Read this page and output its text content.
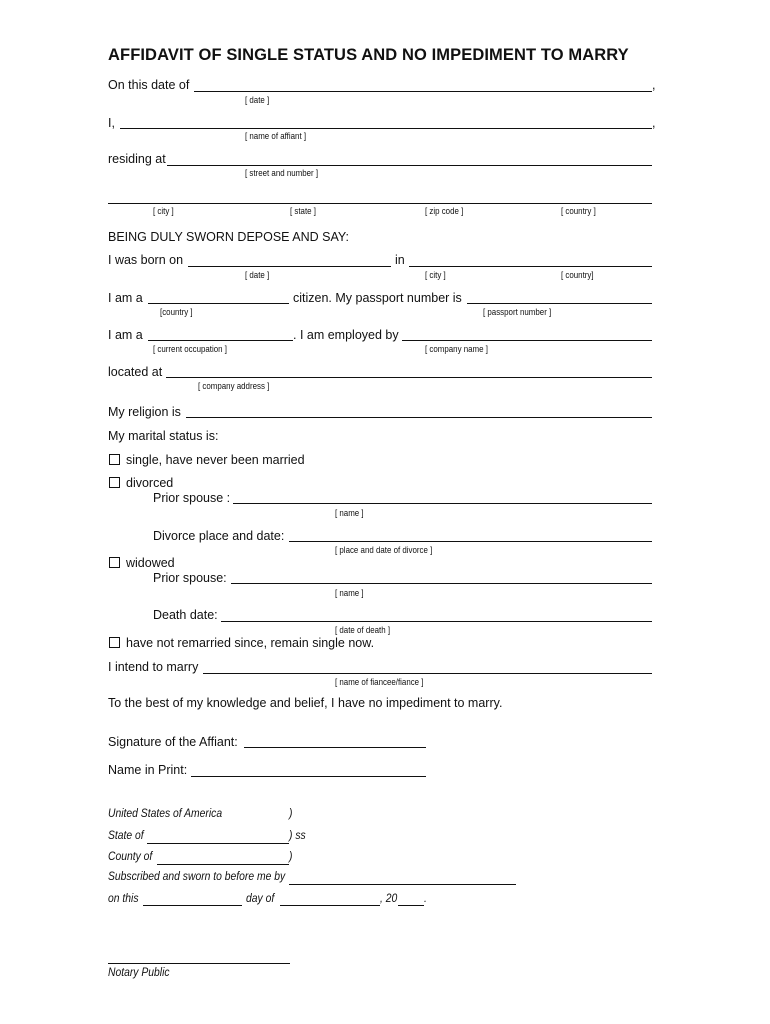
AFFIDAVIT OF SINGLE STATUS AND NO IMPEDIMENT TO MARRY
On this date of	,
[ date ]
I,	,
[ name of affiant ]
residing at
[ street and number ]
[ city ]	[ state ]	[ zip code ]	[ country ]
BEING DULY SWORN DEPOSE AND SAY:
I was born on	in
[ date ]	[ city ]	[ country]
I am a	citizen. My passport number is
[country ]	[ passport number ]
I am a	. I am employed by
[ current occupation ]	[ company name ]
located at
[ company address ]
My religion is
My marital status is:
single, have never been married
divorced
Prior spouse :
[ name ]
Divorce place and date:
[ place and date of divorce ]
widowed
Prior spouse:
[ name ]
Death date:
[ date of death ]
have not remarried since, remain single now.
I intend to marry
[ name of fiancee/fiance ]
To the best of my knowledge and belief, I have no impediment to marry.
Signature of the Affiant:
Name in Print:
United States of America	)
State of	) ss
County of	)
Subscribed and sworn to before me by
on this	day of	, 20 .
Notary Public
